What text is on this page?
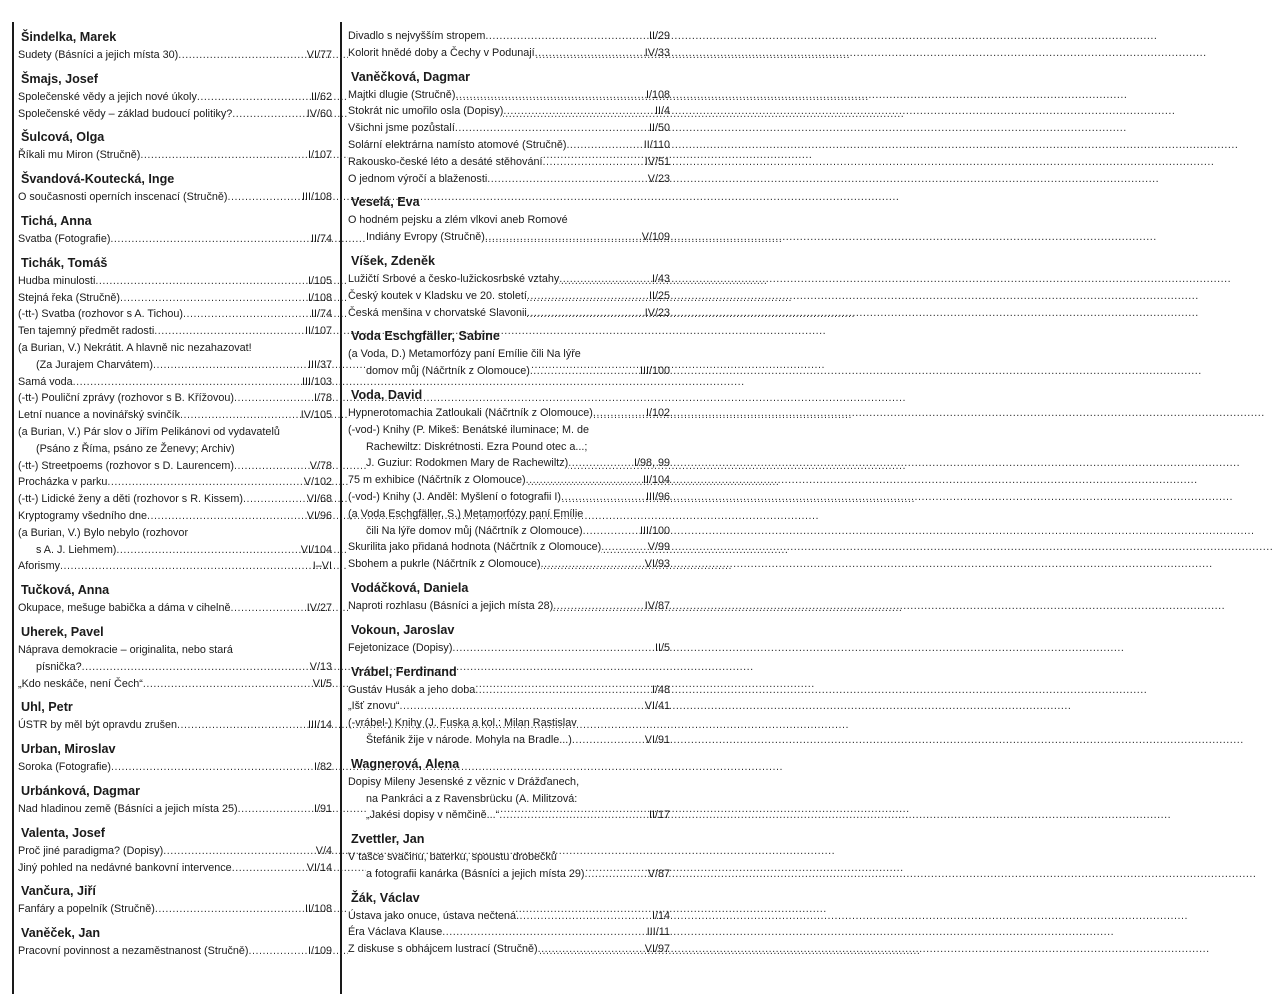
Šindelka, Marek
Sudety (Básníci a jejich místa 30) .....	VI/77
Šmajs, Josef
Společenské vědy a jejich nové úkoly .....	II/62
Společenské vědy – základ budoucí politiky? .....	IV/60
Šulcová, Olga
Říkali mu Miron (Stručně) .....	I/107
Švandová-Koutecká, Inge
O současnosti operních inscenací (Stručně) .....	III/108
Tichá, Anna
Svatba (Fotografie) .....	II/74
Tichák, Tomáš
Hudba minulosti .....	I/105
Stejná řeka (Stručně) .....	I/108
(-tt-) Svatba (rozhovor s A. Tichou) .....	II/74
Ten tajemný předmět radosti .....	II/107
(a Burian, V.) Nekrátit. A hlavně nic nezahazovat!
(Za Jurajem Charvátem) .....	III/37
Samá voda .....	III/103
(-tt-) Pouliční zprávy (rozhovor s B. Křížovou) .....	I/78
Letní nuance a novinářský svinčík .....	IV/105
(a Burian, V.) Pár slov o Jiřím Pelikánovi od vydavatelů
(Psáno z Říma, psáno ze Ženevy; Archiv)
(-tt-) Streetpoems (rozhovor s D. Laurencem) .....	V/78
Procházka v parku .....	V/102
(-tt-) Lidické ženy a děti (rozhovor s R. Kissem) .....	VI/68
Kryptogramy všedního dne .....	VI/96
(a Burian, V.) Bylo nebylo (rozhovor
s A. J. Liehmem) .....	VI/104
Aforismy .....	I–VI
Tučková, Anna
Okupace, mešuge babička a dáma v cihelně .....	IV/27
Uherek, Pavel
Náprava demokracie – originalita, nebo stará
písnička? .....	V/13
„Kdo neskáče, není Čech“ .....	VI/5
Uhl, Petr
ÚSTR by měl být opravdu zrušen .....	III/14
Urban, Miroslav
Soroka (Fotografie) .....	I/82
Urbánková, Dagmar
Nad hladinou země (Básníci a jejich místa 25) .....	I/91
Valenta, Josef
Proč jiné paradigma? (Dopisy) .....	V/4
Jiný pohled na nedávné bankovní intervence .....	VI/14
Vančura, Jiří
Fanfáry a popelník (Stručně) .....	II/108
Vaněček, Jan
Pracovní povinnost a nezaměstnanost (Stručně) .....	I/109
Divadlo s nejvyšším stropem .....	II/29
Kolorit hnědé doby a Čechy v Podunají .....	IV/33
Vaněčková, Dagmar
Majtki dlugie (Stručně) .....	I/108
Stokrát nic umořilo osla (Dopisy) .....	II/4
Všichni jsme pozůstalí .....	II/50
Solární elektrárna namísto atomové (Stručně) .....	II/110
Rakousko-české léto a desáté stěhování .....	IV/51
O jednom výročí a blaženosti .....	V/23
Veselá, Eva
O hodném pejsku a zlém vlkovi aneb Romové
Indiány Evropy (Stručně) .....	V/109
Víšek, Zdeněk
Lužičtí Srbové a česko-lužickosrbské vztahy .....	I/43
Český koutek v Kladsku ve 20. století .....	II/25
Česká menšina v chorvatské Slavonii .....	IV/23
Voda Eschgfäller, Sabine
(a Voda, D.) Metamorfózy paní Emílie čili Na lýře
domov můj (Náčrtník z Olomouce) .....	III/100
Voda, David
Hypnerotomachia Zatloukali (Náčrtník z Olomouce) .....	I/102
(-vod-) Knihy (P. Mikeš: Benátské iluminace; M. de
Rachewiltz: Diskrétnosti. Ezra Pound otec a...;
J. Guziur: Rodokmen Mary de Rachewiltz) .....	I/98, 99
75 m exhibice (Náčrtník z Olomouce) .....	II/104
(-vod-) Knihy (J. Anděl: Myšlení o fotografii I) .....	III/96
(a Voda Eschgfäller, S.) Metamorfózy paní Emílie
čili Na lýře domov můj (Náčrtník z Olomouce) .....	III/100
Skurilita jako přidaná hodnota (Náčrtník z Olomouce) .....	V/99
Sbohem a pukrle (Náčrtník z Olomouce) .....	VI/93
Vodáčková, Daniela
Naproti rozhlasu (Básníci a jejich místa 28) .....	IV/87
Vokoun, Jaroslav
Fejetonizace (Dopisy) .....	II/5
Vrábel, Ferdinand
Gustáv Husák a jeho doba .....	I/48
„Išť znovu“ .....	VI/41
(-vrábel-) Knihy (J. Fuska a kol.: Milan Rastislav
Štefánik žije v národe. Mohyla na Bradle...) .....	VI/91
Wagnerová, Alena
Dopisy Mileny Jesenské z věznic v Drážďanech,
na Pankráci a z Ravensbrücku (A. Militzová:
„Jakési dopisy v němčině...“ .....	II/17
Zvettler, Jan
V tašce svačinu, baterku, spoustu drobečků
a fotografii kanárka (Básníci a jejich místa 29) .....	V/87
Žák, Václav
Ústava jako onuce, ústava nečtená .....	I/14
Éra Václava Klause .....	III/11
Z diskuse s obhájcem lustrací (Stručně) .....	VI/97
